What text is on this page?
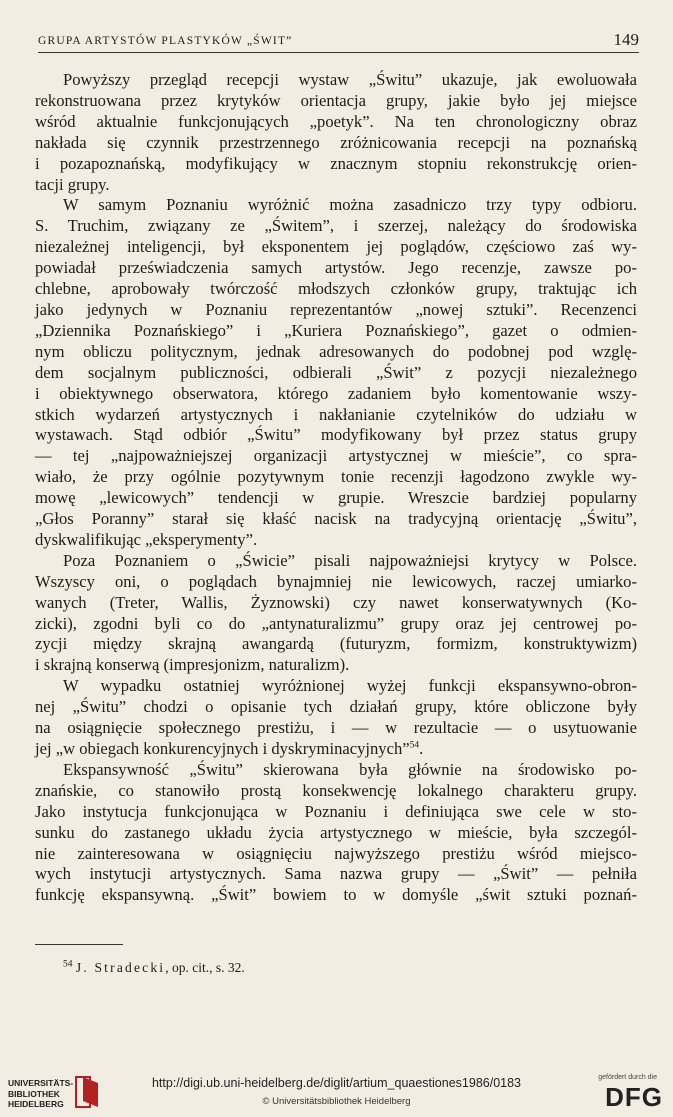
GRUPA ARTYSTÓW PLASTYKÓW „ŚWIT”	149
Powyższy przegląd recepcji wystaw „Świtu” ukazuje, jak ewoluowała
rekonstruowana przez krytyków orientacja grupy, jakie było jej miejsce
wśród aktualnie funkcjonujących „poetyk”. Na ten chronologiczny obraz
nakłada się czynnik przestrzennego zróżnicowania recepcji na poznańską
i pozapoznańską, modyfikujący w znacznym stopniu rekonstrukcję orien-
tacji grupy.
W samym Poznaniu wyróżnić można zasadniczo trzy typy odbioru.
S. Truchim, związany ze „Świtem”, i szerzej, należący do środowiska
niezależnej inteligencji, był eksponentem jej poglądów, częściowo zaś wy-
powiadał przeświadczenia samych artystów. Jego recenzje, zawsze po-
chlebne, aprobowały twórczość młodszych członków grupy, traktując ich
jako jedynych w Poznaniu reprezentantów „nowej sztuki”. Recenzenci
„Dziennika Poznańskiego” i „Kuriera Poznańskiego”, gazet o odmien-
nym obliczu politycznym, jednak adresowanych do podobnej pod wzglę-
dem socjalnym publiczności, odbierali „Świt” z pozycji niezależnego
i obiektywnego obserwatora, którego zadaniem było komentowanie wszy-
stkich wydarzeń artystycznych i nakłanianie czytelników do udziału w
wystawach. Stąd odbiór „Świtu” modyfikowany był przez status grupy
— tej „najpoważniejszej organizacji artystycznej w mieście”, co spra-
wiało, że przy ogólnie pozytywnym tonie recenzji łagodzono zwykle wy-
mowę „lewicowych” tendencji w grupie. Wreszcie bardziej popularny
„Głos Poranny” starał się kłaść nacisk na tradycyjną orientację „Świtu”,
dyskwalifikując „eksperymenty”.
Poza Poznaniem o „Świcie” pisali najpoważniejsi krytycy w Polsce.
Wszyscy oni, o poglądach bynajmniej nie lewicowych, raczej umiarko-
wanych (Treter, Wallis, Żyznowski) czy nawet konserwatywnych (Ko-
zicki), zgodni byli co do „antynaturalizmu” grupy oraz jej centrowej po-
zycji między skrajną awangardą (futuryzm, formizm, konstruktywizm)
i skrajną konserwą (impresjonizm, naturalizm).
W wypadku ostatniej wyróżnionej wyżej funkcji ekspansywno-obron-
nej „Świtu” chodzi o opisanie tych działań grupy, które obliczone były
na osiągnięcie społecznego prestiżu, i — w rezultacie — o usytuowanie
jej „w obiegach konkurencyjnych i dyskryminacyjnych”$^{54}$.
Ekspansywność „Świtu” skierowana była głównie na środowisko po-
znańskie, co stanowiło prostą konsekwencję lokalnego charakteru grupy.
Jako instytucja funkcjonująca w Poznaniu i definiująca swe cele w sto-
sunku do zastanego układu życia artystycznego w mieście, była szczegól-
nie zainteresowana w osiągnięciu najwyższego prestiżu wśród miejsco-
wych instytucji artystycznych. Sama nazwa grupy — „Świt” — pełniła
funkcję ekspansywną. „Świt” bowiem to w domyśle „świt sztuki poznań-
$^{54}$ J. Stradecki, op. cit., s. 32.
UNIVERSITÄTS-
BIBLIOTHEK
HEIDELBERG
http://digi.ub.uni-heidelberg.de/diglit/artium_quaestiones1986/0183
© Universitätsbibliothek Heidelberg
gefördert durch die
DFG
